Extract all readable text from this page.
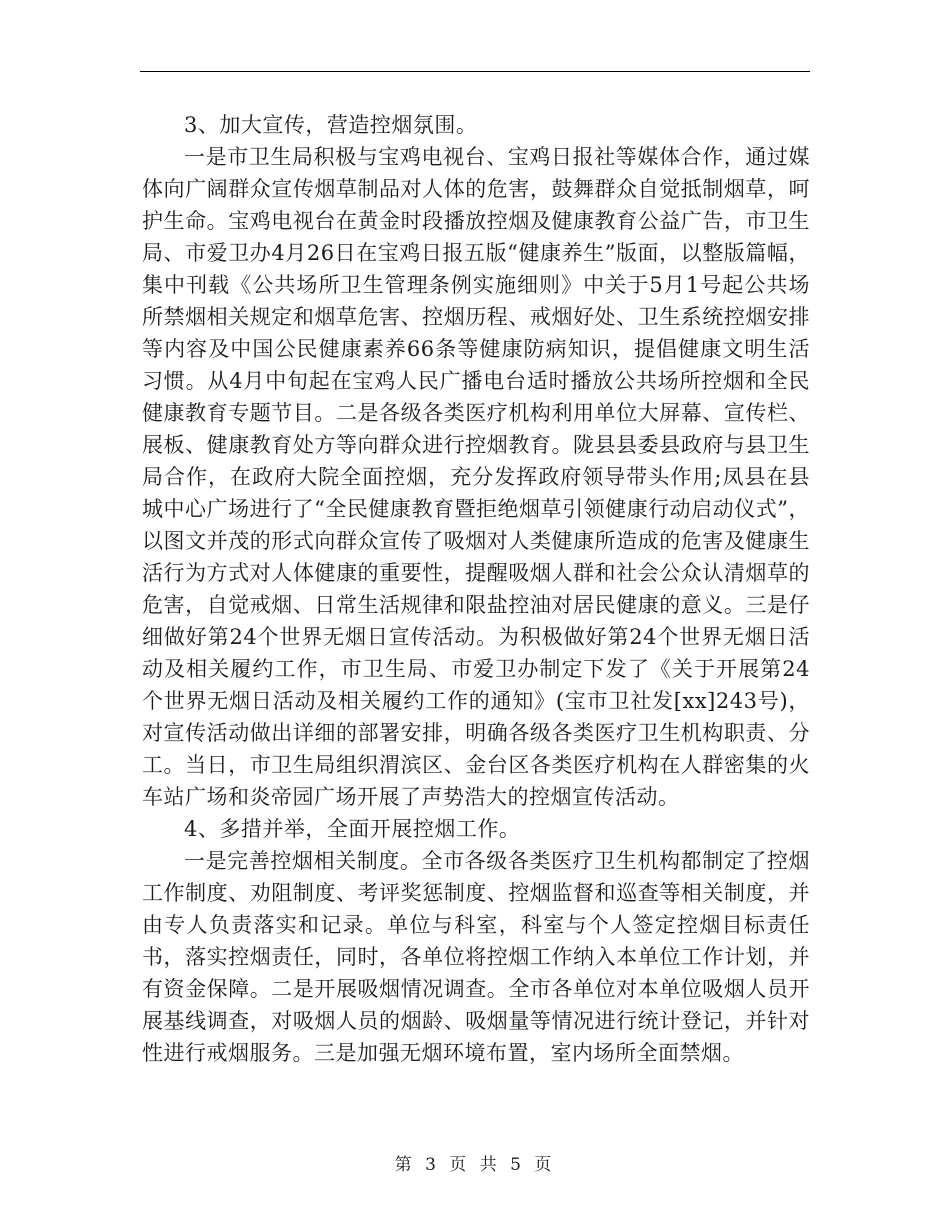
3、加大宣传，营造控烟氛围。

一是市卫生局积极与宝鸡电视台、宝鸡日报社等媒体合作，通过媒体向广阔群众宣传烟草制品对人体的危害，鼓舞群众自觉抵制烟草，呵护生命。宝鸡电视台在黄金时段播放控烟及健康教育公益广告，市卫生局、市爱卫办4月26日在宝鸡日报五版“健康养生”版面，以整版篇幅，集中刊载《公共场所卫生管理条例实施细则》中关于5月1号起公共场所禁烟相关规定和烟草危害、控烟历程、戒烟好处、卫生系统控烟安排等内容及中国公民健康素养66条等健康防病知识，提倡健康文明生活习惯。从4月中旬起在宝鸡人民广播电台适时播放公共场所控烟和全民健康教育专题节目。二是各级各类医疗机构利用单位大屏幕、宣传栏、展板、健康教育处方等向群众进行控烟教育。陇县县委县政府与县卫生局合作，在政府大院全面控烟，充分发挥政府领导带头作用;凤县在县城中心广场进行了“全民健康教育暨拒绝烟草引领健康行动启动仪式”，以图文并茂的形式向群众宣传了吸烟对人类健康所造成的危害及健康生活行为方式对人体健康的重要性，提醒吸烟人群和社会公众认清烟草的危害，自觉戒烟、日常生活规律和限盐控油对居民健康的意义。三是仔细做好第24个世界无烟日宣传活动。为积极做好第24个世界无烟日活动及相关履约工作，市卫生局、市爱卫办制定下发了《关于开展第24个世界无烟日活动及相关履约工作的通知》(宝市卫社发[xx]243号)，对宣传活动做出详细的部署安排，明确各级各类医疗卫生机构职责、分工。当日，市卫生局组织渭滨区、金台区各类医疗机构在人群密集的火车站广场和炎帝园广场开展了声势浩大的控烟宣传活动。

4、多措并举，全面开展控烟工作。

一是完善控烟相关制度。全市各级各类医疗卫生机构都制定了控烟工作制度、劝阻制度、考评奖惩制度、控烟监督和巡查等相关制度，并由专人负责落实和记录。单位与科室，科室与个人签定控烟目标责任书，落实控烟责任，同时，各单位将控烟工作纳入本单位工作计划，并有资金保障。二是开展吸烟情况调查。全市各单位对本单位吸烟人员开展基线调查，对吸烟人员的烟龄、吸烟量等情况进行统计登记，并针对性进行戒烟服务。三是加强无烟环境布置，室内场所全面禁烟。

第 3 页 共 5 页
